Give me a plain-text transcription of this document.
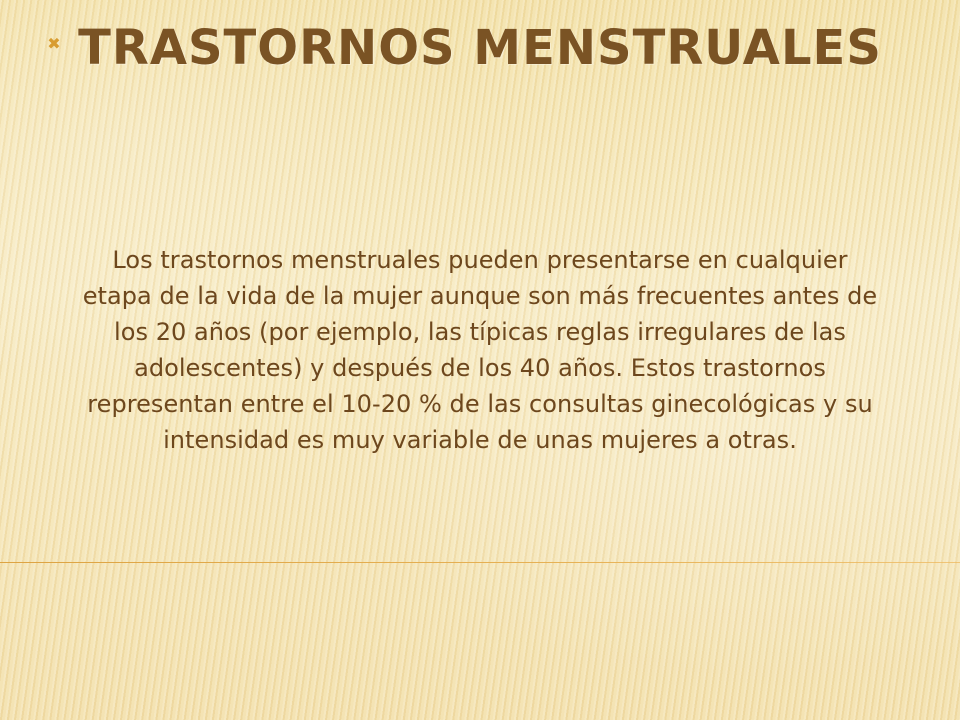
✖ TRASTORNOS MENSTRUALES

Los trastornos menstruales pueden presentarse en cualquier etapa de la vida de la mujer aunque son más frecuentes antes de los 20 años (por ejemplo, las típicas reglas irregulares de las adolescentes) y después de los 40 años. Estos trastornos representan entre el 10-20 % de las consultas ginecológicas y su intensidad es muy variable de unas mujeres a otras.
